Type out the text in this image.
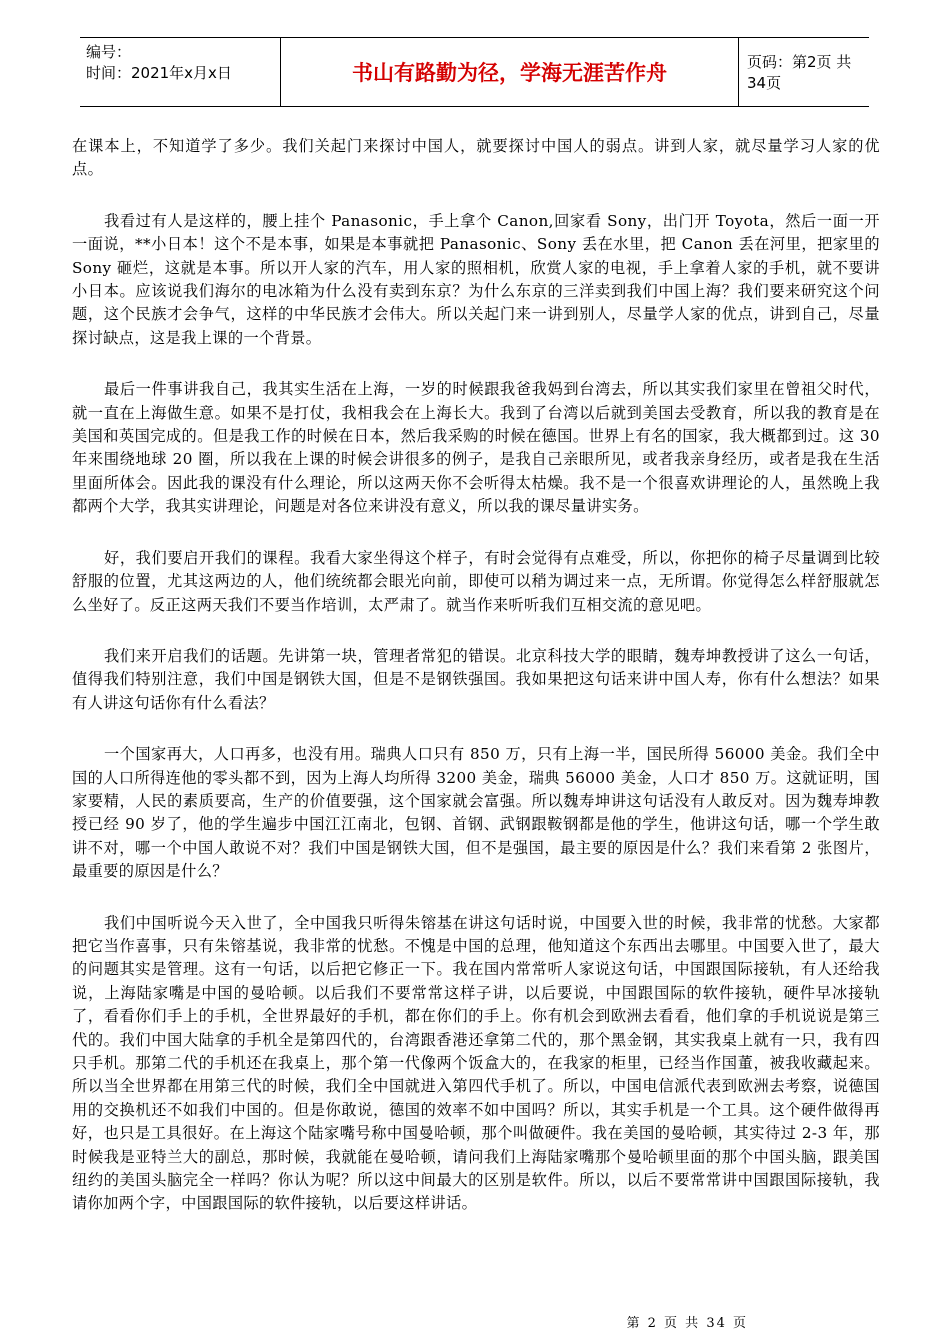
编号：
时间：2021年x月x日	书山有路勤为径，学海无涯苦作舟	页码：第2页 共34页

在课本上，不知道学了多少。我们关起门来探讨中国人，就要探讨中国人的弱点。讲到人家，就尽量学习人家的优点。

我看过有人是这样的，腰上挂个 Panasonic，手上拿个 Canon,回家看 Sony，出门开 Toyota，然后一面一开一面说，**小日本！这个不是本事，如果是本事就把 Panasonic、Sony 丢在水里，把 Canon 丢在河里，把家里的 Sony 砸烂，这就是本事。所以开人家的汽车，用人家的照相机，欣赏人家的电视，手上拿着人家的手机，就不要讲小日本。应该说我们海尔的电冰箱为什么没有卖到东京？为什么东京的三洋卖到我们中国上海？我们要来研究这个问题，这个民族才会争气，这样的中华民族才会伟大。所以关起门来一讲到别人，尽量学人家的优点，讲到自己，尽量探讨缺点，这是我上课的一个背景。

最后一件事讲我自己，我其实生活在上海，一岁的时候跟我爸我妈到台湾去，所以其实我们家里在曾祖父时代，就一直在上海做生意。如果不是打仗，我相我会在上海长大。我到了台湾以后就到美国去受教育，所以我的教育是在美国和英国完成的。但是我工作的时候在日本，然后我采购的时候在德国。世界上有名的国家，我大概都到过。这 30 年来围绕地球 20 圈，所以我在上课的时候会讲很多的例子，是我自己亲眼所见，或者我亲身经历，或者是我在生活里面所体会。因此我的课没有什么理论，所以这两天你不会听得太枯燥。我不是一个很喜欢讲理论的人，虽然晚上我都两个大学，我其实讲理论，问题是对各位来讲没有意义，所以我的课尽量讲实务。

好，我们要启开我们的课程。我看大家坐得这个样子，有时会觉得有点难受，所以，你把你的椅子尽量调到比较舒服的位置，尤其这两边的人，他们统统都会眼光向前，即使可以稍为调过来一点，无所谓。你觉得怎么样舒服就怎么坐好了。反正这两天我们不要当作培训，太严肃了。就当作来听听我们互相交流的意见吧。

我们来开启我们的话题。先讲第一块，管理者常犯的错误。北京科技大学的眼睛，魏寿坤教授讲了这么一句话，值得我们特别注意，我们中国是钢铁大国，但是不是钢铁强国。我如果把这句话来讲中国人寿，你有什么想法？如果有人讲这句话你有什么看法？

一个国家再大，人口再多，也没有用。瑞典人口只有 850 万，只有上海一半，国民所得 56000 美金。我们全中国的人口所得连他的零头都不到，因为上海人均所得 3200 美金，瑞典 56000 美金，人口才 850 万。这就证明，国家要精，人民的素质要高，生产的价值要强，这个国家就会富强。所以魏寿坤讲这句话没有人敢反对。因为魏寿坤教授已经 90 岁了，他的学生遍步中国江江南北，包钢、首钢、武钢跟鞍钢都是他的学生，他讲这句话，哪一个学生敢讲不对，哪一个中国人敢说不对？我们中国是钢铁大国，但不是强国，最主要的原因是什么？我们来看第 2 张图片，最重要的原因是什么？

我们中国听说今天入世了，全中国我只听得朱镕基在讲这句话时说，中国要入世的时候，我非常的忧愁。大家都把它当作喜事，只有朱镕基说，我非常的忧愁。不愧是中国的总理，他知道这个东西出去哪里。中国要入世了，最大的问题其实是管理。这有一句话，以后把它修正一下。我在国内常常听人家说这句话，中国跟国际接轨，有人还给我说，上海陆家嘴是中国的曼哈顿。以后我们不要常常这样子讲，以后要说，中国跟国际的软件接轨，硬件早冰接轨了，看看你们手上的手机，全世界最好的手机，都在你们的手上。你有机会到欧洲去看看，他们拿的手机说说是第三代的。我们中国大陆拿的手机全是第四代的，台湾跟香港还拿第二代的，那个黑金钢，其实我桌上就有一只，我有四只手机。那第二代的手机还在我桌上，那个第一代像两个饭盒大的，在我家的柜里，已经当作国董，被我收藏起来。所以当全世界都在用第三代的时候，我们全中国就进入第四代手机了。所以，中国电信派代表到欧洲去考察，说德国用的交换机还不如我们中国的。但是你敢说，德国的效率不如中国吗？所以，其实手机是一个工具。这个硬件做得再好，也只是工具很好。在上海这个陆家嘴号称中国曼哈顿，那个叫做硬件。我在美国的曼哈顿，其实待过 2-3 年，那时候我是亚特兰大的副总，那时候，我就能在曼哈顿，请问我们上海陆家嘴那个曼哈顿里面的那个中国头脑，跟美国纽约的美国头脑完全一样吗？你认为呢？所以这中间最大的区别是软件。所以，以后不要常常讲中国跟国际接轨，我请你加两个字，中国跟国际的软件接轨，以后要这样讲话。

第 2 页 共 34 页
